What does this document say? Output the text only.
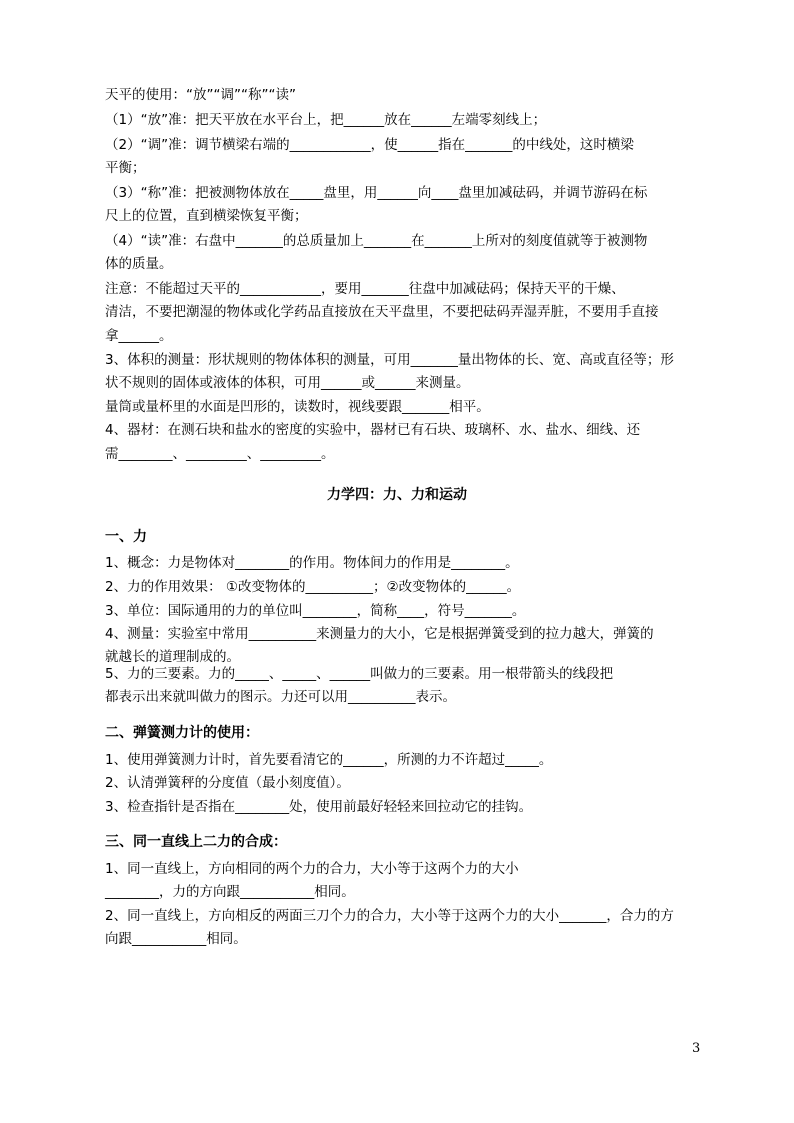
力学四：力、力和运动
3
天平的使用：“放”“调”“称”“读”
（1）“放”准：把天平放在水平台上，把______放在______左端零刻线上；
（2）“调”准：调节横梁右端的____________，使______指在_______的中线处，这时横梁
平衡；
（3）“称”准：把被测物体放在_____盘里，用______向____盘里加减砝码，并调节游码在标
尺上的位置，直到横梁恢复平衡；
（4）“读”准：右盘中_______的总质量加上_______在_______上所对的刻度值就等于被测物
体的质量。
注意：不能超过天平的____________，要用_______往盘中加减砝码；保持天平的干燥、
清洁，不要把潮湿的物体或化学药品直接放在天平盘里，不要把砝码弄湿弄脏，不要用手直接
拿______。
3、体积的测量：形状规则的物体体积的测量，可用_______量出物体的长、宽、高或直径等；形
状不规则的固体或液体的体积，可用______或______来测量。
量筒或量杯里的水面是凹形的，读数时，视线要跟_______相平。
4、器材：在测石块和盐水的密度的实验中，器材已有石块、玻璃杯、水、盐水、细线、还
需________、_________、_________。
一、力
1、概念：力是物体对________的作用。物体间力的作用是________。
2、力的作用效果： ①改变物体的__________；②改变物体的______。
3、单位：国际通用的力的单位叫________，简称____，符号_______。
4、测量：实验室中常用__________来测量力的大小，它是根据弹簧受到的拉力越大，弹簧的
就越长的道理制成的。
5、力的三要素。力的_____、_____、______叫做力的三要素。用一根带箭头的线段把
都表示出来就叫做力的图示。力还可以用__________表示。
二、弹簧测力计的使用：
1、使用弹簧测力计时，首先要看清它的______，所测的力不许超过_____。
2、认清弹簧秤的分度值（最小刻度值）。
3、检查指针是否指在________处，使用前最好轻轻来回拉动它的挂钩。
三、同一直线上二力的合成：
1、同一直线上，方向相同的两个力的合力，大小等于这两个力的大小
________，力的方向跟___________相同。
2、同一直线上，方向相反的两面三刀个力的合力，大小等于这两个力的大小_______，合力的方
向跟___________相同。
